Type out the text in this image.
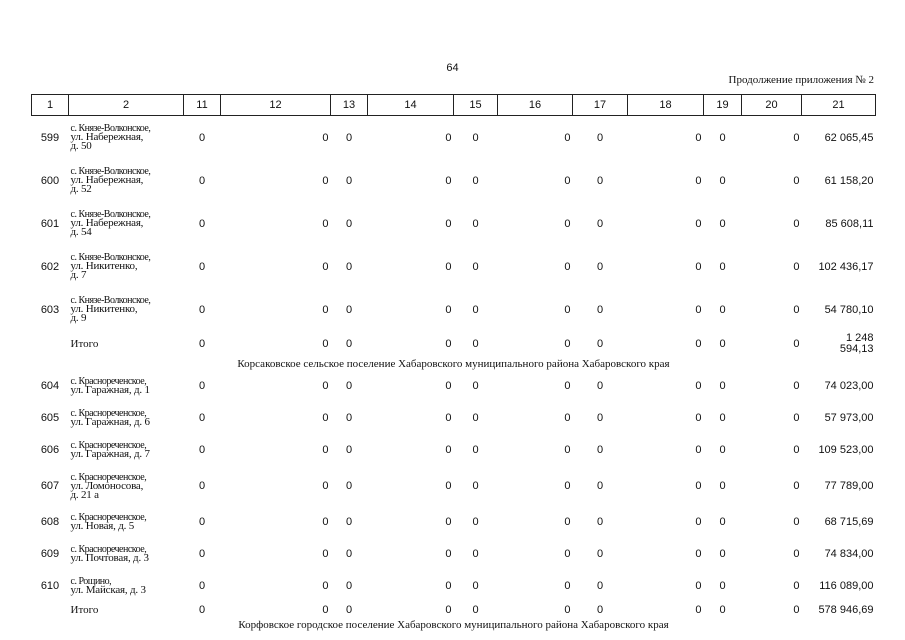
64
Продолжение приложения № 2
1	2	11	12	13	14	15	16	17	18	19	20	21
599	с. Князе-Волконское,
ул. Набережная,
д. 50	0	0	0	0	0	0	0	0	0	0	62 065,45
600	с. Князе-Волконское,
ул. Набережная,
д. 52	0	0	0	0	0	0	0	0	0	0	61 158,20
601	с. Князе-Волконское,
ул. Набережная,
д. 54	0	0	0	0	0	0	0	0	0	0	85 608,11
602	с. Князе-Волконское,
ул. Никитенко,
д. 7	0	0	0	0	0	0	0	0	0	0	102 436,17
603	с. Князе-Волконское,
ул. Никитенко,
д. 9	0	0	0	0	0	0	0	0	0	0	54 780,10
	Итого	0	0	0	0	0	0	0	0	0	0	1 248
594,13

Корсаковское сельское поселение Хабаровского муниципального района Хабаровского края												
604	с. Краснореченское,
ул. Гаражная, д. 1	0	0	0	0	0	0	0	0	0	0	74 023,00
605	с. Краснореченское,
ул. Гаражная, д. 6	0	0	0	0	0	0	0	0	0	0	57 973,00
606	с. Краснореченское,
ул. Гаражная, д. 7	0	0	0	0	0	0	0	0	0	0	109 523,00
607	с. Краснореченское,
ул. Ломоносова,
д. 21 а	0	0	0	0	0	0	0	0	0	0	77 789,00
608	с. Краснореченское,
ул. Новая, д. 5	0	0	0	0	0	0	0	0	0	0	68 715,69
609	с. Краснореченское,
ул. Почтовая, д. 3	0	0	0	0	0	0	0	0	0	0	74 834,00
610	с. Рощино,
ул. Майская, д. 3	0	0	0	0	0	0	0	0	0	0	116 089,00
	Итого	0	0	0	0	0	0	0	0	0	0	578 946,69
Корфовское городское поселение Хабаровского муниципального района Хабаровского края												
